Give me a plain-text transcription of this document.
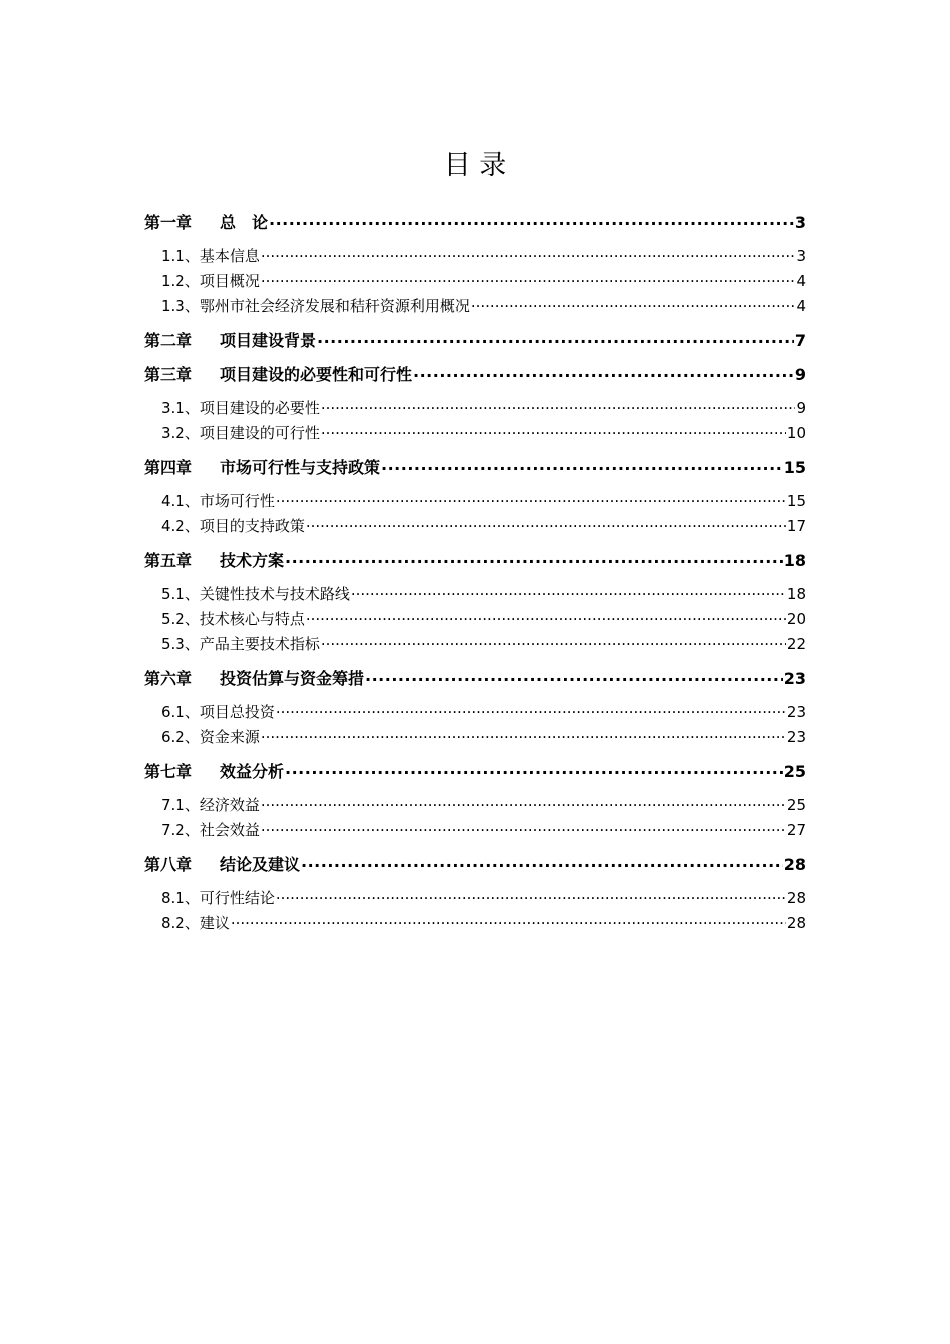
目 录
第一章 总　论 .....	3
1.1、基本信息 .....	3
1.2、项目概况 .....	4
1.3、鄂州市社会经济发展和秸秆资源利用概况 .....	4
第二章 项目建设背景 .....	7
第三章 项目建设的必要性和可行性 .....	9
3.1、项目建设的必要性 .....	9
3.2、项目建设的可行性 .....	10
第四章 市场可行性与支持政策 .....	15
4.1、市场可行性 .....	15
4.2、项目的支持政策 .....	17
第五章 技术方案 .....	18
5.1、关键性技术与技术路线 .....	18
5.2、技术核心与特点 .....	20
5.3、产品主要技术指标 .....	22
第六章 投资估算与资金筹措 .....	23
6.1、项目总投资 .....	23
6.2、资金来源 .....	23
第七章 效益分析 .....	25
7.1、经济效益 .....	25
7.2、社会效益 .....	27
第八章 结论及建议 .....	28
8.1、可行性结论 .....	28
8.2、建议 .....	28
